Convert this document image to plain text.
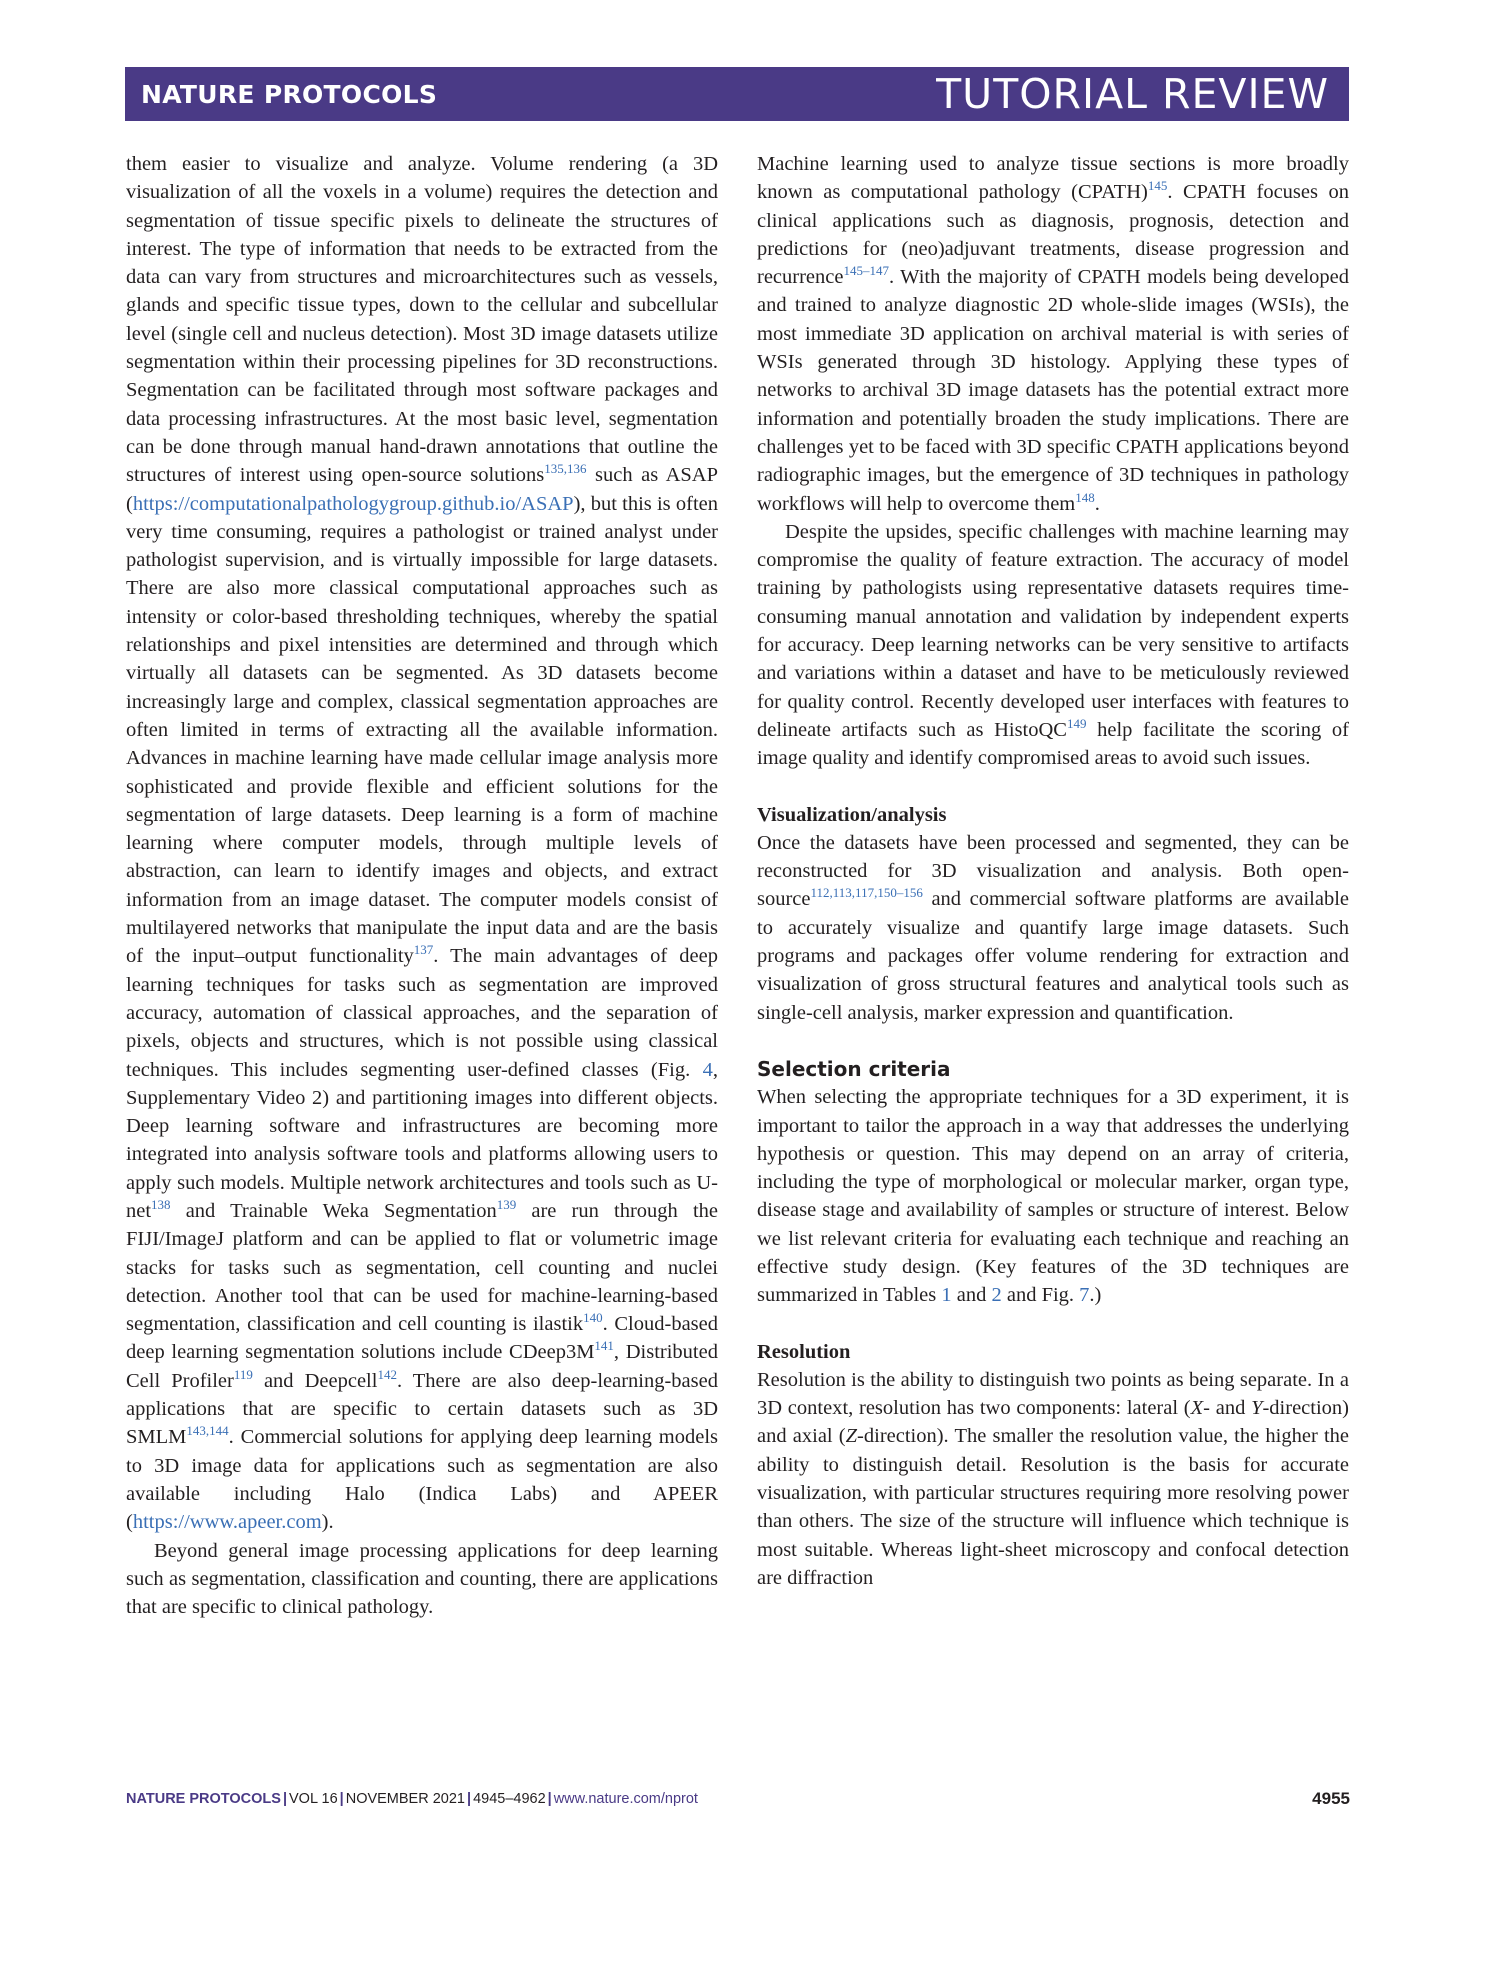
NATURE PROTOCOLS	TUTORIAL REVIEW

them easier to visualize and analyze. Volume rendering (a 3D visualization of all the voxels in a volume) requires the detection and segmentation of tissue specific pixels to delineate the structures of interest. The type of information that needs to be extracted from the data can vary from structures and microarchitectures such as vessels, glands and specific tissue types, down to the cellular and subcellular level (single cell and nucleus detection). Most 3D image datasets utilize segmentation within their processing pipelines for 3D reconstructions. Segmentation can be facilitated through most software packages and data processing infrastructures. At the most basic level, segmentation can be done through manual hand-drawn annotations that outline the structures of interest using open-source solutions$^{135,136}$ such as ASAP (https://computationalpathologygroup.github.io/ASAP), but this is often very time consuming, requires a pathologist or trained analyst under pathologist supervision, and is virtually impossible for large datasets. There are also more classical computational approaches such as intensity or color-based thresholding techniques, whereby the spatial relationships and pixel intensities are determined and through which virtually all datasets can be segmented. As 3D datasets become increasingly large and complex, classical segmentation approaches are often limited in terms of extracting all the available information. Advances in machine learning have made cellular image analysis more sophisticated and provide flexible and efficient solutions for the segmentation of large datasets. Deep learning is a form of machine learning where computer models, through multiple levels of abstraction, can learn to identify images and objects, and extract information from an image dataset. The computer models consist of multilayered networks that manipulate the input data and are the basis of the input–output functionality$^{137}$. The main advantages of deep learning techniques for tasks such as segmentation are improved accuracy, automation of classical approaches, and the separation of pixels, objects and structures, which is not possible using classical techniques. This includes segmenting user-defined classes (Fig. 4, Supplementary Video 2) and partitioning images into different objects. Deep learning software and infrastructures are becoming more integrated into analysis software tools and platforms allowing users to apply such models. Multiple network architectures and tools such as U-net$^{138}$ and Trainable Weka Segmentation$^{139}$ are run through the FIJI/ImageJ platform and can be applied to flat or volumetric image stacks for tasks such as segmentation, cell counting and nuclei detection. Another tool that can be used for machine-learning-based segmentation, classification and cell counting is ilastik$^{140}$. Cloud-based deep learning segmentation solutions include $CDeep3M^{141}$, Distributed Cell Profiler$^{119}$ and Deepcell$^{142}$. There are also deep-learning-based applications that are specific to certain datasets such as 3D SMLM$^{143,144}$. Commercial solutions for applying deep learning models to 3D image data for applications such as segmentation are also available including Halo (Indica Labs) and APEER (https://www.apeer.com).

Beyond general image processing applications for deep learning such as segmentation, classification and counting, there are applications that are specific to clinical pathology.

Machine learning used to analyze tissue sections is more broadly known as computational pathology (CPATH)$^{145}$. CPATH focuses on clinical applications such as diagnosis, prognosis, detection and predictions for (neo)adjuvant treatments, disease progression and recurrence$^{145-147}$. With the majority of CPATH models being developed and trained to analyze diagnostic 2D whole-slide images (WSIs), the most immediate 3D application on archival material is with series of WSIs generated through 3D histology. Applying these types of networks to archival 3D image datasets has the potential extract more information and potentially broaden the study implications. There are challenges yet to be faced with 3D specific CPATH applications beyond radiographic images, but the emergence of 3D techniques in pathology workflows will help to overcome them$^{148}$.

Despite the upsides, specific challenges with machine learning may compromise the quality of feature extraction. The accuracy of model training by pathologists using representative datasets requires time-consuming manual annotation and validation by independent experts for accuracy. Deep learning networks can be very sensitive to artifacts and variations within a dataset and have to be meticulously reviewed for quality control. Recently developed user interfaces with features to delineate artifacts such as HistoQC$^{149}$ help facilitate the scoring of image quality and identify compromised areas to avoid such issues.

Visualization/analysis

Once the datasets have been processed and segmented, they can be reconstructed for 3D visualization and analysis. Both open-source$^{112,113,117,150-156}$ and commercial software platforms are available to accurately visualize and quantify large image datasets. Such programs and packages offer volume rendering for extraction and visualization of gross structural features and analytical tools such as single-cell analysis, marker expression and quantification.

Selection criteria

When selecting the appropriate techniques for a 3D experiment, it is important to tailor the approach in a way that addresses the underlying hypothesis or question. This may depend on an array of criteria, including the type of morphological or molecular marker, organ type, disease stage and availability of samples or structure of interest. Below we list relevant criteria for evaluating each technique and reaching an effective study design. (Key features of the 3D techniques are summarized in Tables 1 and 2 and Fig. 7.)

Resolution

Resolution is the ability to distinguish two points as being separate. In a 3D context, resolution has two components: lateral (X- and Y-direction) and axial (Z-direction). The smaller the resolution value, the higher the ability to distinguish detail. Resolution is the basis for accurate visualization, with particular structures requiring more resolving power than others. The size of the structure will influence which technique is most suitable. Whereas light-sheet microscopy and confocal detection are diffraction

NATURE PROTOCOLS | VOL 16 | NOVEMBER 2021 | 4945–4962 | www.nature.com/nprot	4955
